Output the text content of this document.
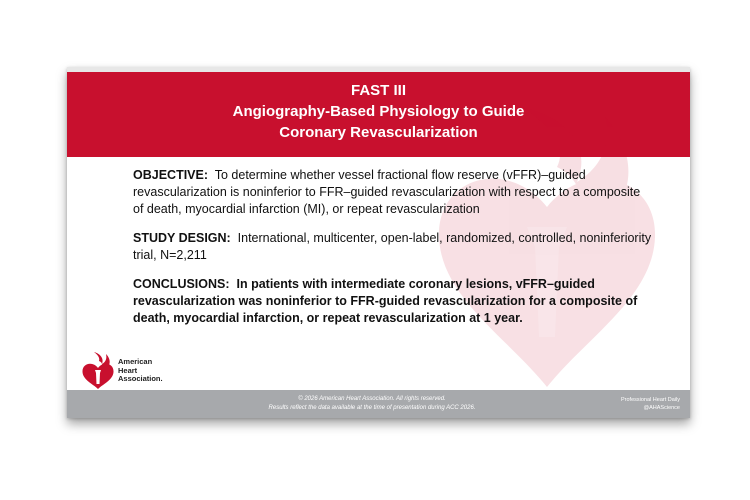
FAST III
Angiography-Based Physiology to Guide
Coronary Revascularization

OBJECTIVE: To determine whether vessel fractional flow reserve (vFFR)–guided revascularization is noninferior to FFR–guided revascularization with respect to a composite of death, myocardial infarction (MI), or repeat revascularization

STUDY DESIGN: International, multicenter, open-label, randomized, controlled, noninferiority trial, N=2,211

CONCLUSIONS: In patients with intermediate coronary lesions, vFFR–guided revascularization was noninferior to FFR-guided revascularization for a composite of death, myocardial infarction, or repeat revascularization at 1 year.

American
Heart
Association.
© 2026 American Heart Association. All rights reserved.
Results reflect the data available at the time of presentation during ACC 2026.
Professional Heart Daily
@AHAScience
